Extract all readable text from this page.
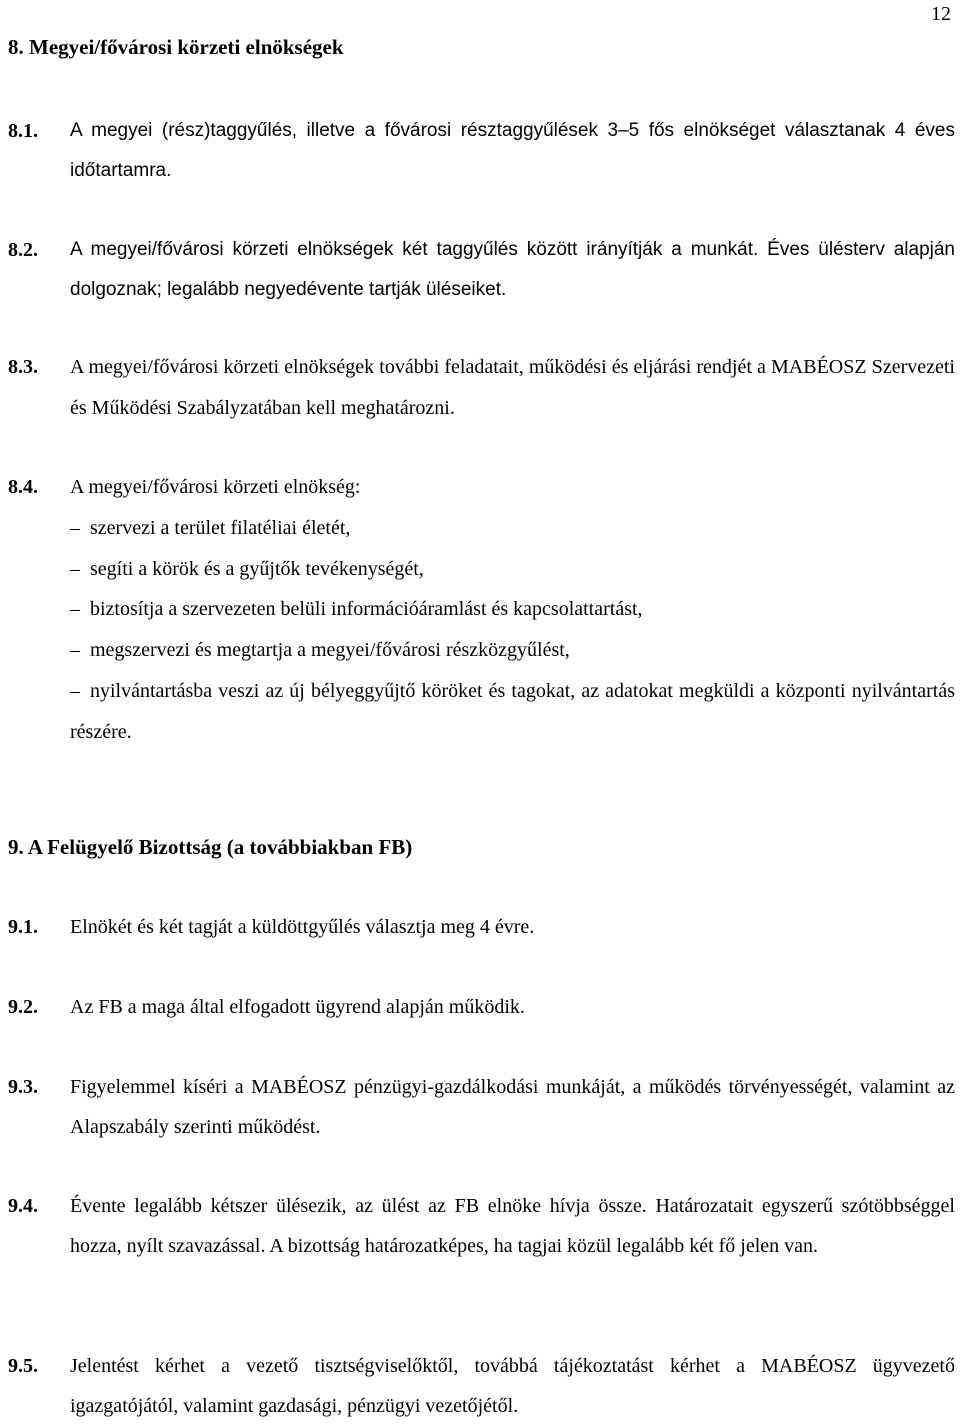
12
8. Megyei/fővárosi körzeti elnökségek
8.1. A megyei (rész)taggyűlés, illetve a fővárosi résztaggyűlések 3–5 fős elnökséget választanak 4 éves időtartamra.
8.2. A megyei/fővárosi körzeti elnökségek két taggyűlés között irányítják a munkát. Éves ülésterv alapján dolgoznak; legalább negyedévente tartják üléseiket.
8.3. A megyei/fővárosi körzeti elnökségek további feladatait, működési és eljárási rendjét a MABÉOSZ Szervezeti és Működési Szabályzatában kell meghatározni.
8.4. A megyei/fővárosi körzeti elnökség:
– szervezi a terület filatéliai életét,
– segíti a körök és a gyűjtők tevékenységét,
– biztosítja a szervezeten belüli információáramlást és kapcsolattartást,
– megszervezi és megtartja a megyei/fővárosi részközgyűlést,
– nyilvántartásba veszi az új bélyeggyűjtő köröket és tagokat, az adatokat megküldi a központi nyilvántartás részére.
9. A Felügyelő Bizottság (a továbbiakban FB)
9.1. Elnökét és két tagját a küldöttgyűlés választja meg 4 évre.
9.2. Az FB a maga által elfogadott ügyrend alapján működik.
9.3. Figyelemmel kíséri a MABÉOSZ pénzügyi-gazdálkodási munkáját, a működés törvényességét, valamint az Alapszabály szerinti működést.
9.4. Évente legalább kétszer ülésezik, az ülést az FB elnöke hívja össze. Határozatait egyszerű szótöbbséggel hozza, nyílt szavazással. A bizottság határozatképes, ha tagjai közül legalább két fő jelen van.
9.5. Jelentést kérhet a vezető tisztségviselőktől, továbbá tájékoztatást kérhet a MABÉOSZ ügyvezető igazgatójától, valamint gazdasági, pénzügyi vezetőjétől.
